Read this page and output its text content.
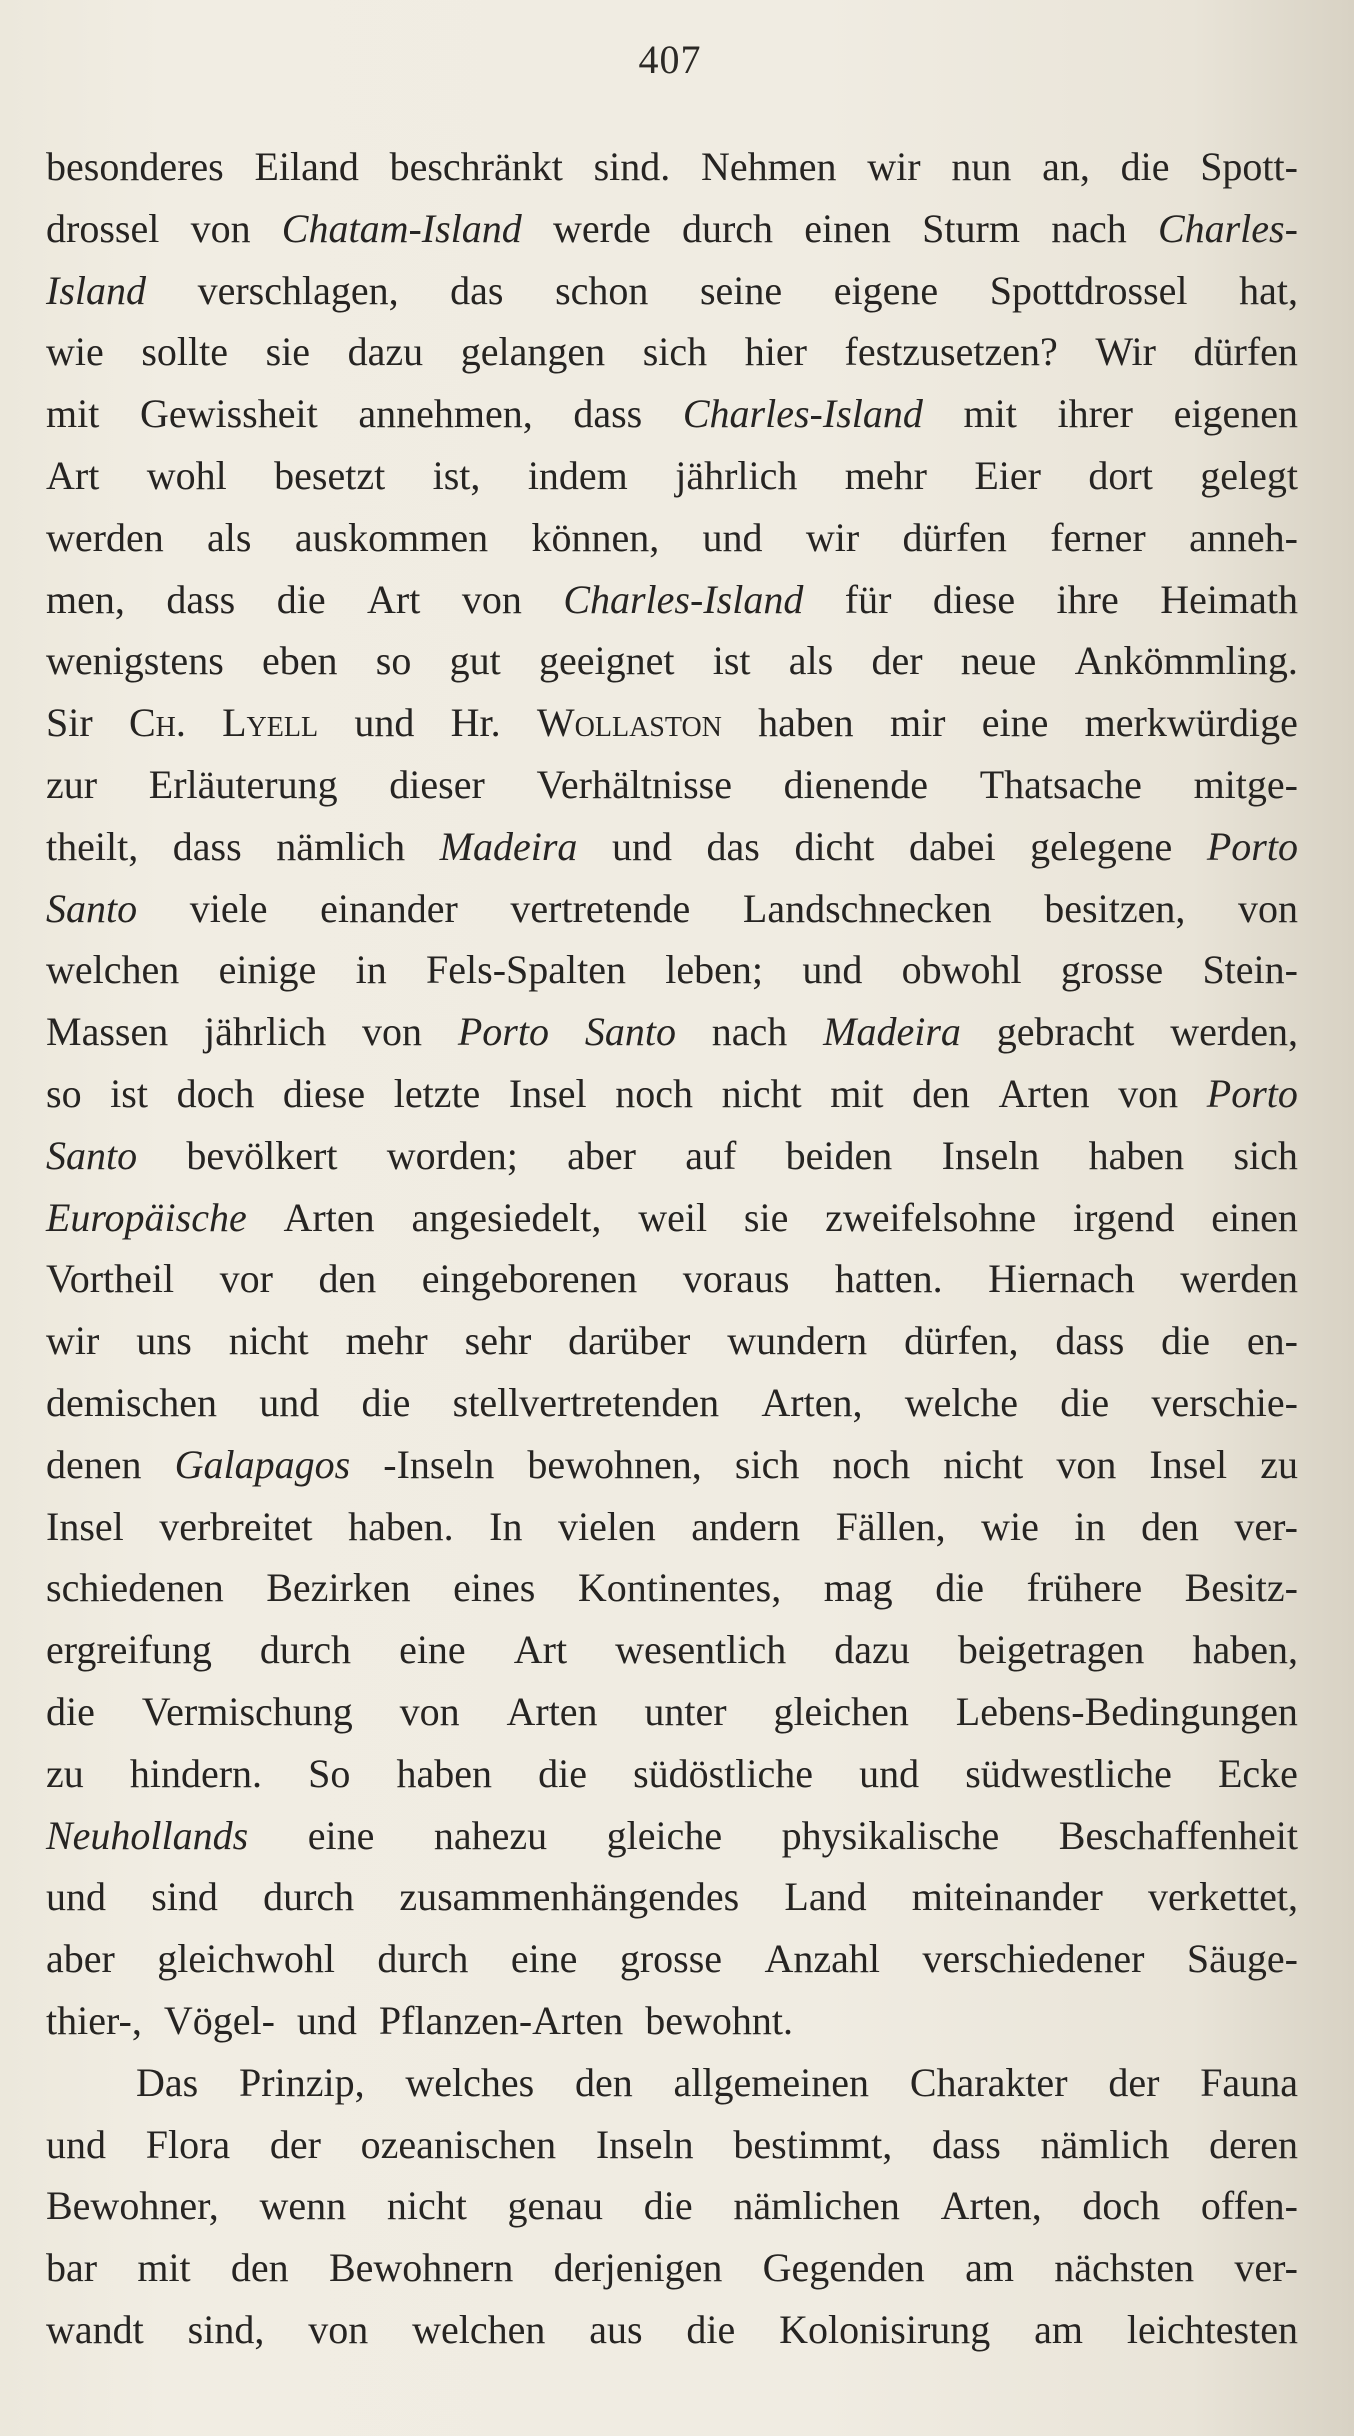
407
besonderes Eiland beschränkt sind. Nehmen wir nun an, die Spott-
drossel von Chatam-Island werde durch einen Sturm nach Charles-
Island verschlagen, das schon seine eigene Spottdrossel hat,
wie sollte sie dazu gelangen sich hier festzusetzen? Wir dürfen
mit Gewissheit annehmen, dass Charles-Island mit ihrer eigenen
Art wohl besetzt ist, indem jährlich mehr Eier dort gelegt
werden als auskommen können, und wir dürfen ferner anneh-
men, dass die Art von Charles-Island für diese ihre Heimath
wenigstens eben so gut geeignet ist als der neue Ankömmling.
Sir Ch. Lyell und Hr. Wollaston haben mir eine merkwürdige
zur Erläuterung dieser Verhältnisse dienende Thatsache mitge-
theilt, dass nämlich Madeira und das dicht dabei gelegene Porto
Santo viele einander vertretende Landschnecken besitzen, von
welchen einige in Fels-Spalten leben; und obwohl grosse Stein-
Massen jährlich von Porto Santo nach Madeira gebracht werden,
so ist doch diese letzte Insel noch nicht mit den Arten von Porto
Santo bevölkert worden; aber auf beiden Inseln haben sich
Europäische Arten angesiedelt, weil sie zweifelsohne irgend einen
Vortheil vor den eingeborenen voraus hatten. Hiernach werden
wir uns nicht mehr sehr darüber wundern dürfen, dass die en-
demischen und die stellvertretenden Arten, welche die verschie-
denen Galapagos -Inseln bewohnen, sich noch nicht von Insel zu
Insel verbreitet haben. In vielen andern Fällen, wie in den ver-
schiedenen Bezirken eines Kontinentes, mag die frühere Besitz-
ergreifung durch eine Art wesentlich dazu beigetragen haben,
die Vermischung von Arten unter gleichen Lebens-Bedingungen
zu hindern. So haben die südöstliche und südwestliche Ecke
Neuhollands eine nahezu gleiche physikalische Beschaffenheit
und sind durch zusammenhängendes Land miteinander verkettet,
aber gleichwohl durch eine grosse Anzahl verschiedener Säuge-
thier-, Vögel- und Pflanzen-Arten bewohnt.
Das Prinzip, welches den allgemeinen Charakter der Fauna
und Flora der ozeanischen Inseln bestimmt, dass nämlich deren
Bewohner, wenn nicht genau die nämlichen Arten, doch offen-
bar mit den Bewohnern derjenigen Gegenden am nächsten ver-
wandt sind, von welchen aus die Kolonisirung am leichtesten
